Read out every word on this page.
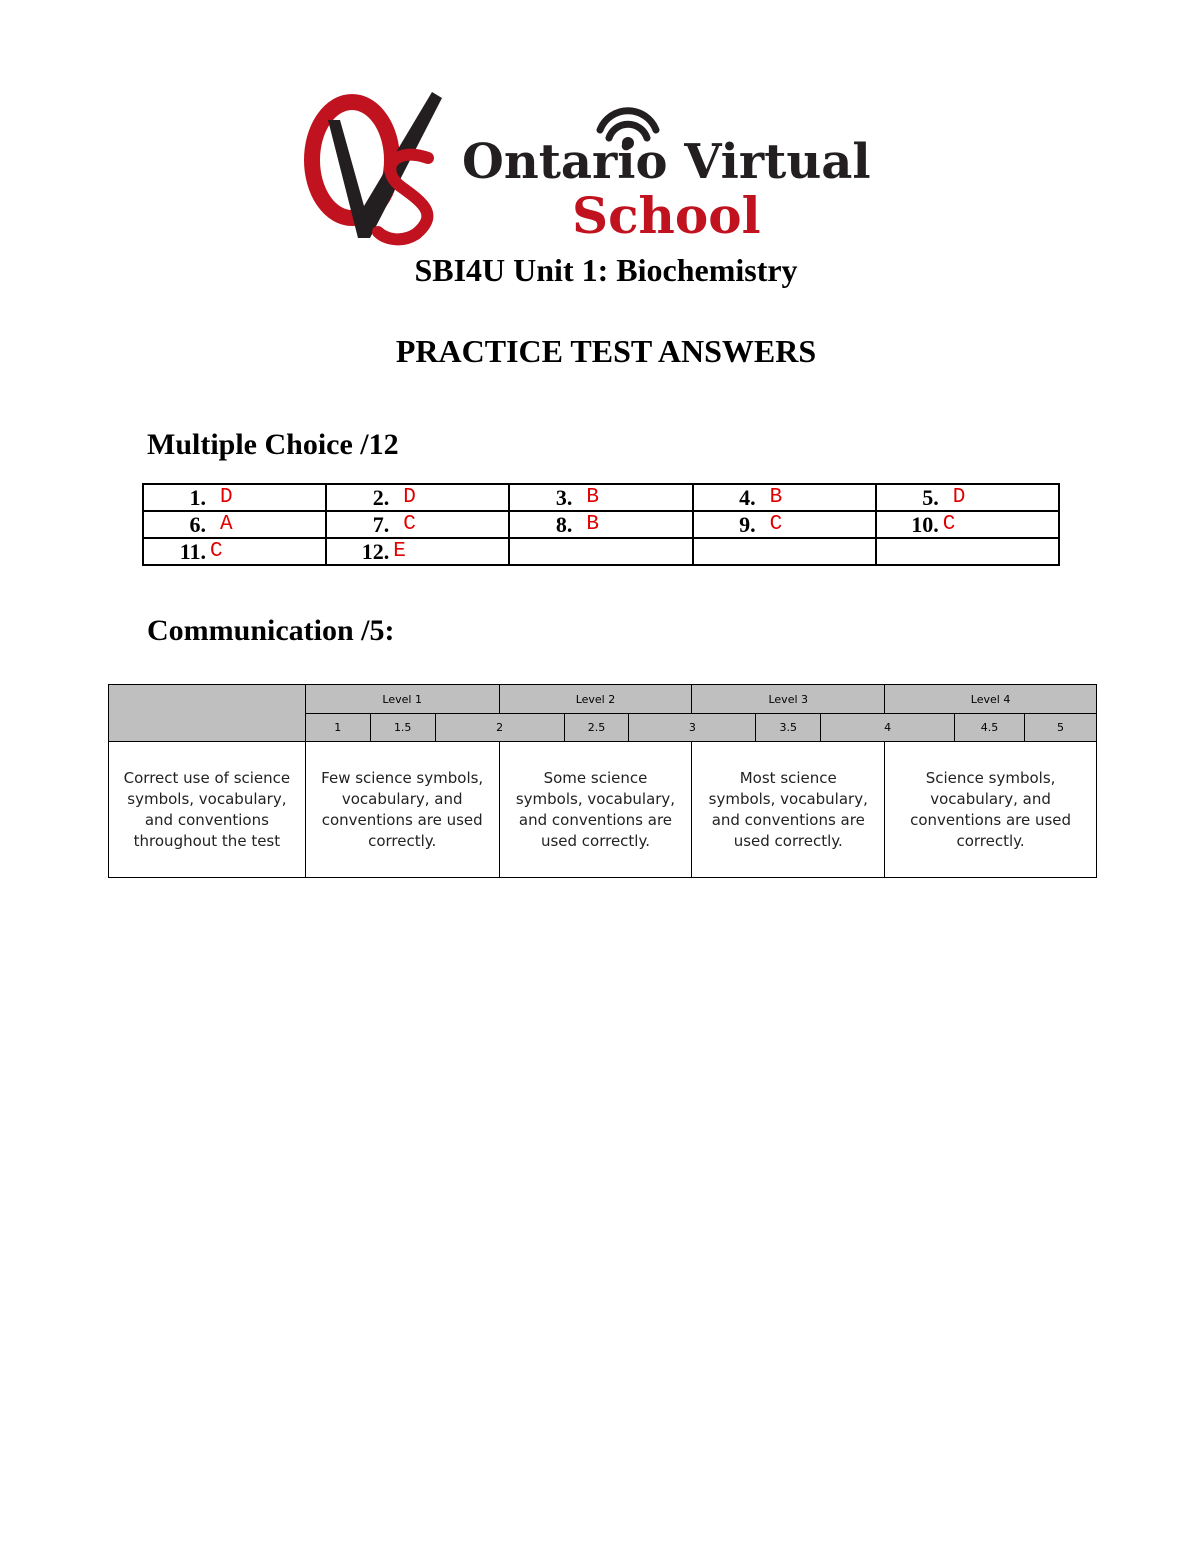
Ontario Virtual
School
SBI4U Unit 1: Biochemistry
PRACTICE TEST ANSWERS
Multiple Choice /12
1. D	2. D	3. B	4. B	5. D

6. A	7. C	8. B	9. C	10. C

11. C	12. E			

Communication /5:
	Level 1			Level 2			Level 3			Level 4		
	1	1.5	2		2.5	3		3.5	4		4.5	5
Correct use of science symbols, vocabulary, and conventions throughout the test	Few science symbols, vocabulary, and conventions are used correctly.			Some science symbols, vocabulary, and conventions are used correctly.			Most science symbols, vocabulary, and conventions are used correctly.			Science symbols, vocabulary, and conventions are used correctly.		
